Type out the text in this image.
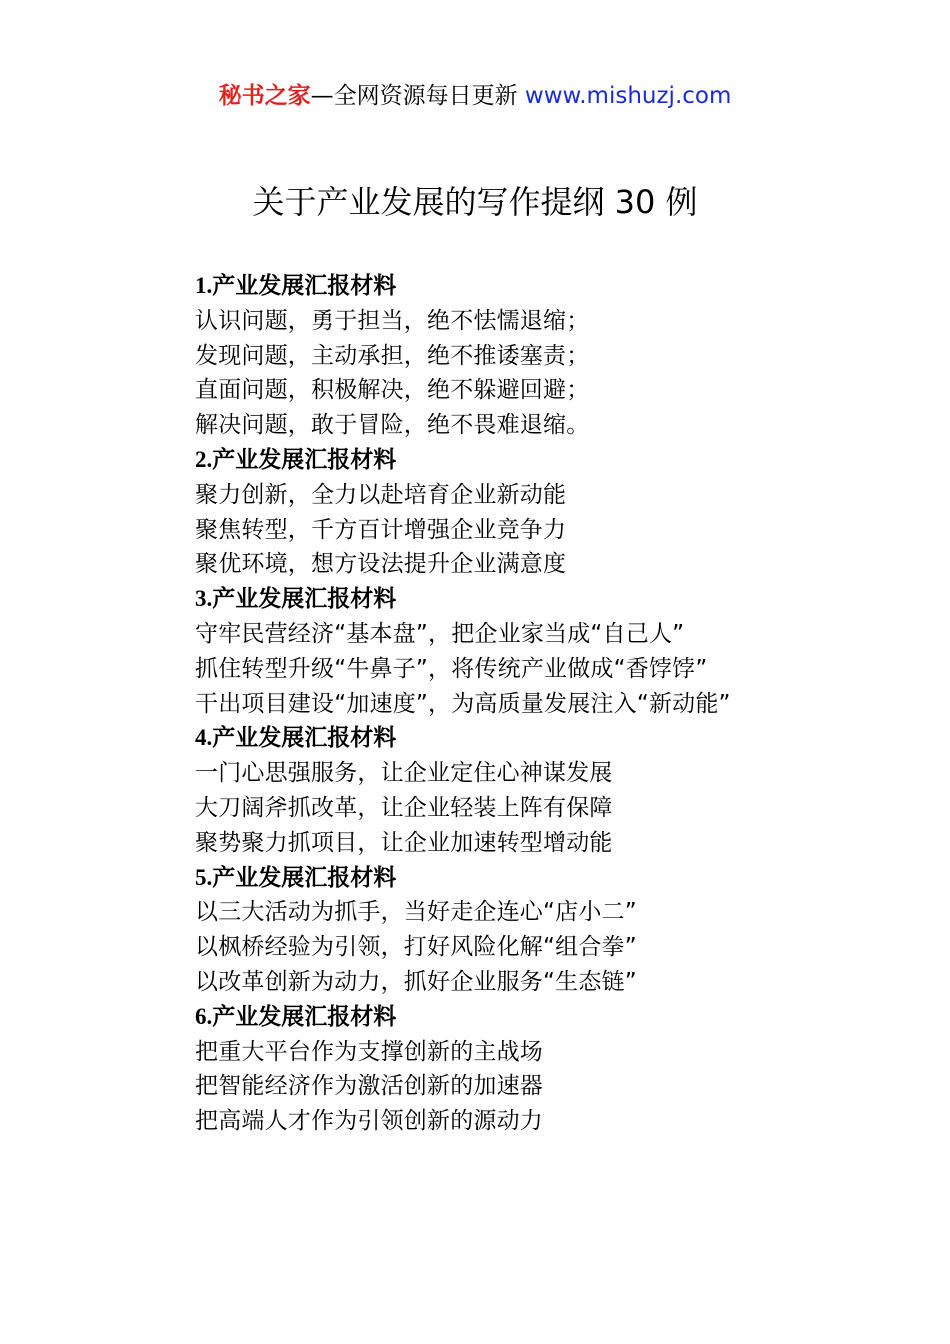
秘书之家—全网资源每日更新 www.mishuzj.com
关于产业发展的写作提纲 30 例
1.产业发展汇报材料
认识问题，勇于担当，绝不怯懦退缩；
发现问题，主动承担，绝不推诿塞责；
直面问题，积极解决，绝不躲避回避；
解决问题，敢于冒险，绝不畏难退缩。
2.产业发展汇报材料
聚力创新，全力以赴培育企业新动能
聚焦转型，千方百计增强企业竞争力
聚优环境，想方设法提升企业满意度
3.产业发展汇报材料
守牢民营经济“基本盘”，把企业家当成“自己人”
抓住转型升级“牛鼻子”，将传统产业做成“香饽饽”
干出项目建设“加速度”，为高质量发展注入“新动能”
4.产业发展汇报材料
一门心思强服务，让企业定住心神谋发展
大刀阔斧抓改革，让企业轻装上阵有保障
聚势聚力抓项目，让企业加速转型增动能
5.产业发展汇报材料
以三大活动为抓手，当好走企连心“店小二”
以枫桥经验为引领，打好风险化解“组合拳”
以改革创新为动力，抓好企业服务“生态链”
6.产业发展汇报材料
把重大平台作为支撑创新的主战场
把智能经济作为激活创新的加速器
把高端人才作为引领创新的源动力
